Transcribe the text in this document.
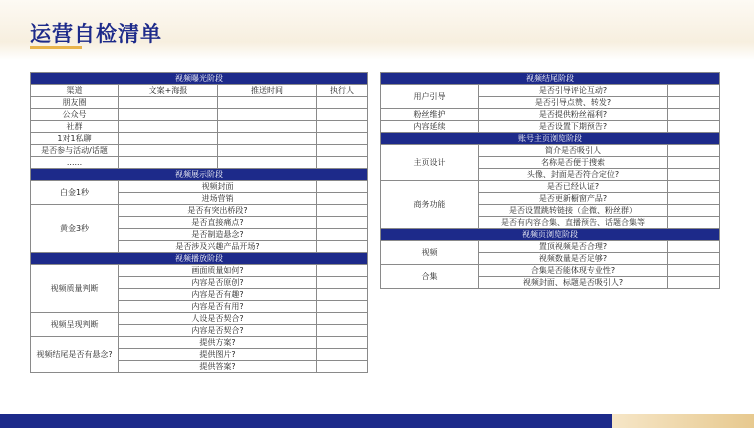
运营自检清单
视频曝光阶段			
渠道	文案+海报	推送时间	执行人
朋友圈			
公众号			
社群			
1对1私聊			
是否参与活动/话题			
......			
视频展示阶段			
白金1秒	视频封面		
	进场营销		
黄金3秒	是否有突出桥段?		
	是否直接痛点?		
	是否制造悬念?		
	是否涉及兴趣产品开场?		
视频播放阶段			
视频质量判断	画面质量如何?		
	内容是否原创?		
	内容是否有趣?		
	内容是否有用?		
视频呈现判断	人设是否契合?		
	内容是否契合?		
视频结尾是否有悬念?	提供方案?		
	提供图片?		
	提供答案?		
视频结尾阶段		
用户引导	是否引导评论互动?	
	是否引导点赞、转发?	
粉丝维护	是否提供粉丝福利?	
内容延续	是否设置下期预告?	
账号主页浏览阶段		
主页设计	简介是否吸引人	
	名称是否便于搜索	
	头像、封面是否符合定位?	
商务功能	是否已经认证?	
	是否更新橱窗产品?	
	是否设置跳转链接（企微、粉丝群）	
	是否有内容合集、直播预告、话题合集等	
视频页浏览阶段		
视频	置顶视频是否合理?	
	视频数量是否足够?	
合集	合集是否能体现专业性?	
	视频封面、标题是否吸引人?	
